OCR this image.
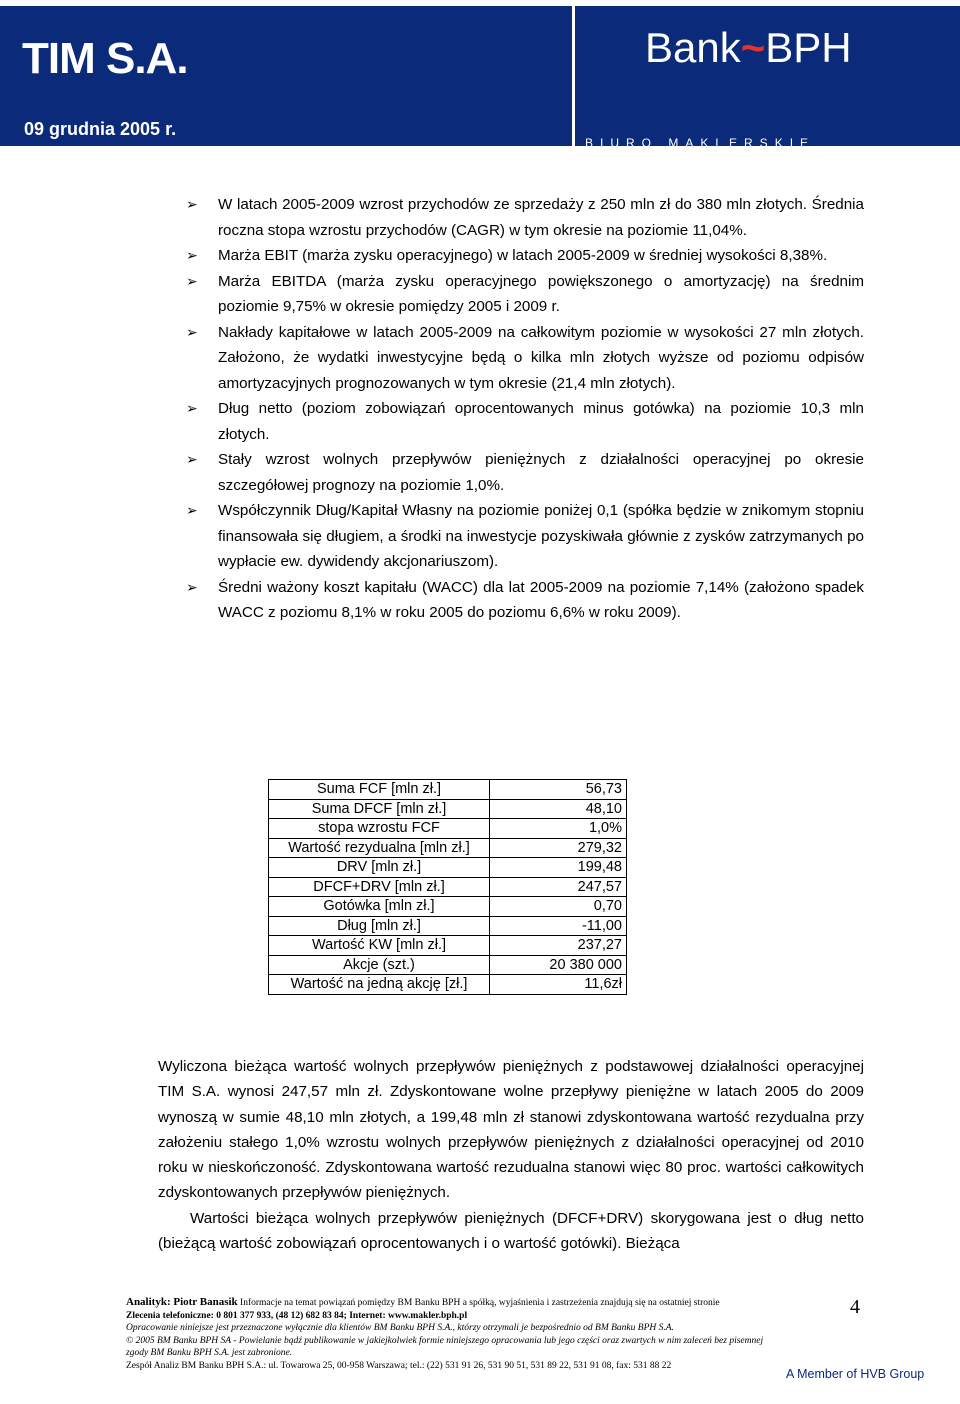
TIM S.A.
09 grudnia 2005 r.
Bank~BPH
BIURO MAKLERSKIE
➢ W latach 2005-2009 wzrost przychodów ze sprzedaży z 250 mln zł do 380 mln złotych. Średnia roczna stopa wzrostu przychodów (CAGR) w tym okresie na poziomie 11,04%.
➢ Marża EBIT (marża zysku operacyjnego) w latach 2005-2009 w średniej wysokości 8,38%.
➢ Marża EBITDA (marża zysku operacyjnego powiększonego o amortyzację) na średnim poziomie 9,75% w okresie pomiędzy 2005 i 2009 r.
➢ Nakłady kapitałowe w latach 2005-2009 na całkowitym poziomie w wysokości 27 mln złotych. Założono, że wydatki inwestycyjne będą o kilka mln złotych wyższe od poziomu odpisów amortyzacyjnych prognozowanych w tym okresie (21,4 mln złotych).
➢ Dług netto (poziom zobowiązań oprocentowanych minus gotówka) na poziomie 10,3 mln złotych.
➢ Stały wzrost wolnych przepływów pieniężnych z działalności operacyjnej po okresie szczegółowej prognozy na poziomie 1,0%.
➢ Współczynnik Dług/Kapitał Własny na poziomie poniżej 0,1 (spółka będzie w znikomym stopniu finansowała się długiem, a środki na inwestycje pozyskiwała głównie z zysków zatrzymanych po wypłacie ew. dywidendy akcjonariuszom).
➢ Średni ważony koszt kapitału (WACC) dla lat 2005-2009 na poziomie 7,14% (założono spadek WACC z poziomu 8,1% w roku 2005 do poziomu 6,6% w roku 2009).
Suma FCF [mln zł.]	56,73
Suma DFCF [mln zł.]	48,10
stopa wzrostu FCF	1,0%
Wartość rezydualna [mln zł.]	279,32
DRV [mln zł.]	199,48
DFCF+DRV [mln zł.]	247,57
Gotówka [mln zł.]	0,70
Dług [mln zł.]	-11,00
Wartość KW [mln zł.]	237,27
Akcje (szt.)	20 380 000
Wartość na jedną akcję [zł.]	11,6zł

Wyliczona bieżąca wartość wolnych przepływów pieniężnych z podstawowej działalności operacyjnej TIM S.A. wynosi 247,57 mln zł. Zdyskontowane wolne przepływy pieniężne w latach 2005 do 2009 wynoszą w sumie 48,10 mln złotych, a 199,48 mln zł stanowi zdyskontowana wartość rezydualna przy założeniu stałego 1,0% wzrostu wolnych przepływów pieniężnych z działalności operacyjnej od 2010 roku w nieskończoność. Zdyskontowana wartość rezudualna stanowi więc 80 proc. wartości całkowitych zdyskontowanych przepływów pieniężnych.

Wartości bieżąca wolnych przepływów pieniężnych (DFCF+DRV) skorygowana jest o dług netto (bieżącą wartość zobowiązań oprocentowanych i o wartość gotówki). Bieżąca

Analityk: Piotr Banasik Informacje na temat powiązań pomiędzy BM Banku BPH a spółką, wyjaśnienia i zastrzeżenia znajdują się na ostatniej stronie
Zlecenia telefoniczne: 0 801 377 933, (48 12) 682 83 84; Internet: www.makler.bph.pl
Opracowanie niniejsze jest przeznaczone wyłącznie dla klientów BM Banku BPH S.A., którzy otrzymali je bezpośrednio od BM Banku BPH S.A.
© 2005 BM Banku BPH SA - Powielanie bądź publikowanie w jakiejkolwiek formie niniejszego opracowania lub jego części oraz zwartych w nim zaleceń bez pisemnej zgody BM Banku BPH S.A. jest zabronione.
Zespół Analiz BM Banku BPH S.A.: ul. Towarowa 25, 00-958 Warszawa; tel.: (22) 531 91 26, 531 90 51, 531 89 22, 531 91 08, fax: 531 88 22
4
A Member of HVB Group
